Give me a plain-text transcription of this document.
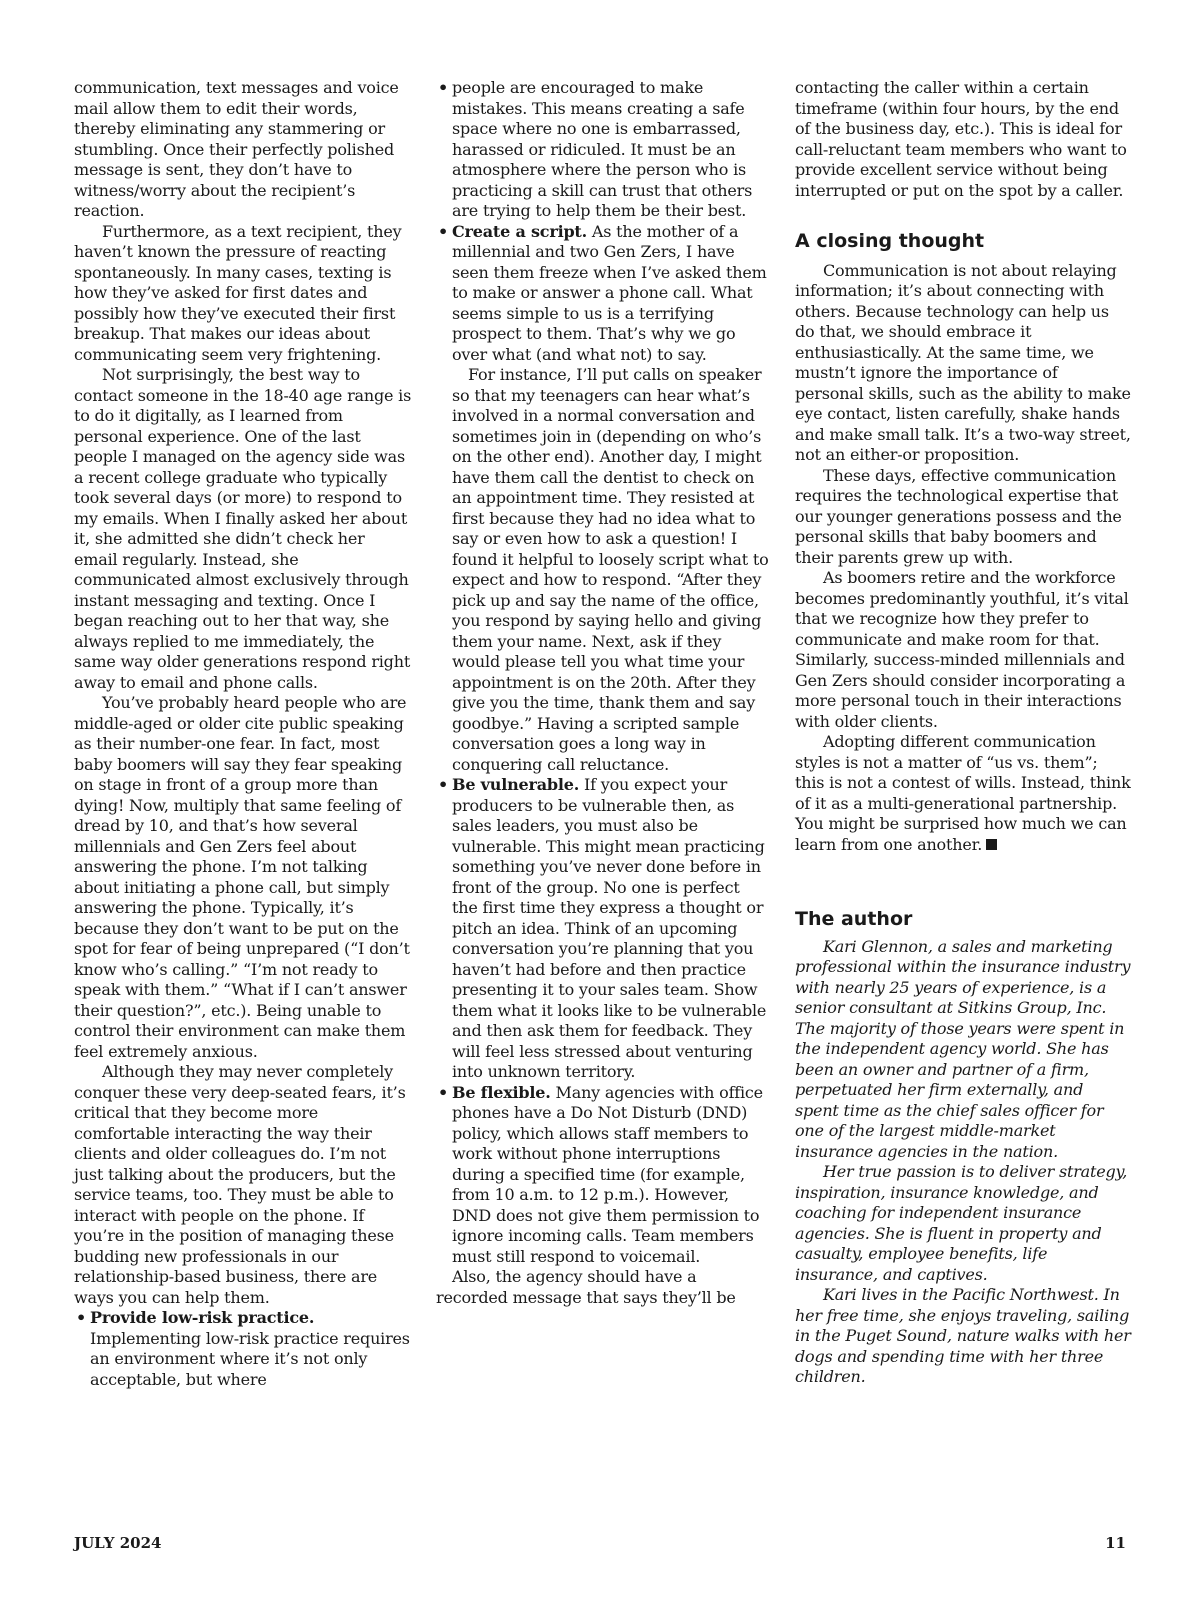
communication, text messages and voice mail allow them to edit their words, thereby eliminating any stammering or stumbling. Once their perfectly polished message is sent, they don’t have to witness/worry about the recipient’s reaction.

Furthermore, as a text recipient, they haven’t known the pressure of reacting spontaneously. In many cases, texting is how they’ve asked for first dates and possibly how they’ve executed their first breakup. That makes our ideas about communicating seem very frightening.

Not surprisingly, the best way to contact someone in the 18-40 age range is to do it digitally, as I learned from personal experience. One of the last people I managed on the agency side was a recent college graduate who typically took several days (or more) to respond to my emails. When I finally asked her about it, she admitted she didn’t check her email regularly. Instead, she communicated almost exclusively through instant messaging and texting. Once I began reaching out to her that way, she always replied to me immediately, the same way older generations respond right away to email and phone calls.

You’ve probably heard people who are middle-aged or older cite public speaking as their number-one fear. In fact, most baby boomers will say they fear speaking on stage in front of a group more than dying! Now, multiply that same feeling of dread by 10, and that’s how several millennials and Gen Zers feel about answering the phone. I’m not talking about initiating a phone call, but simply answering the phone. Typically, it’s because they don’t want to be put on the spot for fear of being unprepared (“I don’t know who’s calling.” “I’m not ready to speak with them.” “What if I can’t answer their question?”, etc.). Being unable to control their environment can make them feel extremely anxious.

Although they may never completely conquer these very deep-seated fears, it’s critical that they become more comfortable interacting the way their clients and older colleagues do. I’m not just talking about the producers, but the service teams, too. They must be able to interact with people on the phone. If you’re in the position of managing these budding new professionals in our relationship-based business, there are ways you can help them.

• Provide low-risk practice.
Implementing low-risk practice requires an environment where it’s not only acceptable, but where
• people are encouraged to make mistakes. This means creating a safe space where no one is embarrassed, harassed or ridiculed. It must be an atmosphere where the person who is practicing a skill can trust that others are trying to help them be their best.
• Create a script. As the mother of a millennial and two Gen Zers, I have seen them freeze when I’ve asked them to make or answer a phone call. What seems simple to us is a terrifying prospect to them. That’s why we go over what (and what not) to say.
For instance, I’ll put calls on speaker so that my teenagers can hear what’s involved in a normal conversation and sometimes join in (depending on who’s on the other end). Another day, I might have them call the dentist to check on an appointment time. They resisted at first because they had no idea what to say or even how to ask a question! I found it helpful to loosely script what to expect and how to respond. “After they pick up and say the name of the office, you respond by saying hello and giving them your name. Next, ask if they would please tell you what time your appointment is on the 20th. After they give you the time, thank them and say goodbye.” Having a scripted sample conversation goes a long way in conquering call reluctance.
• Be vulnerable. If you expect your producers to be vulnerable then, as sales leaders, you must also be vulnerable. This might mean practicing something you’ve never done before in front of the group. No one is perfect the first time they express a thought or pitch an idea. Think of an upcoming conversation you’re planning that you haven’t had before and then practice presenting it to your sales team. Show them what it looks like to be vulnerable and then ask them for feedback. They will feel less stressed about venturing into unknown territory.
• Be flexible. Many agencies with office phones have a Do Not Disturb (DND) policy, which allows staff members to work without phone interruptions during a specified time (for example, from 10 a.m. to 12 p.m.). However, DND does not give them permission to ignore incoming calls. Team members must still respond to voicemail.

Also, the agency should have a recorded message that says they’ll be

contacting the caller within a certain timeframe (within four hours, by the end of the business day, etc.). This is ideal for call-reluctant team members who want to provide excellent service without being interrupted or put on the spot by a caller.

A closing thought

Communication is not about relaying information; it’s about connecting with others. Because technology can help us do that, we should embrace it enthusiastically. At the same time, we mustn’t ignore the importance of personal skills, such as the ability to make eye contact, listen carefully, shake hands and make small talk. It’s a two-way street, not an either-or proposition.

These days, effective communication requires the technological expertise that our younger generations possess and the personal skills that baby boomers and their parents grew up with.

As boomers retire and the workforce becomes predominantly youthful, it’s vital that we recognize how they prefer to communicate and make room for that. Similarly, success-minded millennials and Gen Zers should consider incorporating a more personal touch in their interactions with older clients.

Adopting different communication styles is not a matter of “us vs. them”; this is not a contest of wills. Instead, think of it as a multi-generational partnership. You might be surprised how much we can learn from one another.

The author

Kari Glennon, a sales and marketing professional within the insurance industry with nearly 25 years of experience, is a senior consultant at Sitkins Group, Inc. The majority of those years were spent in the independent agency world. She has been an owner and partner of a firm, perpetuated her firm externally, and spent time as the chief sales officer for one of the largest middle-market insurance agencies in the nation.

Her true passion is to deliver strategy, inspiration, insurance knowledge, and coaching for independent insurance agencies. She is fluent in property and casualty, employee benefits, life insurance, and captives.

Kari lives in the Pacific Northwest. In her free time, she enjoys traveling, sailing in the Puget Sound, nature walks with her dogs and spending time with her three children.

JULY 2024	11
